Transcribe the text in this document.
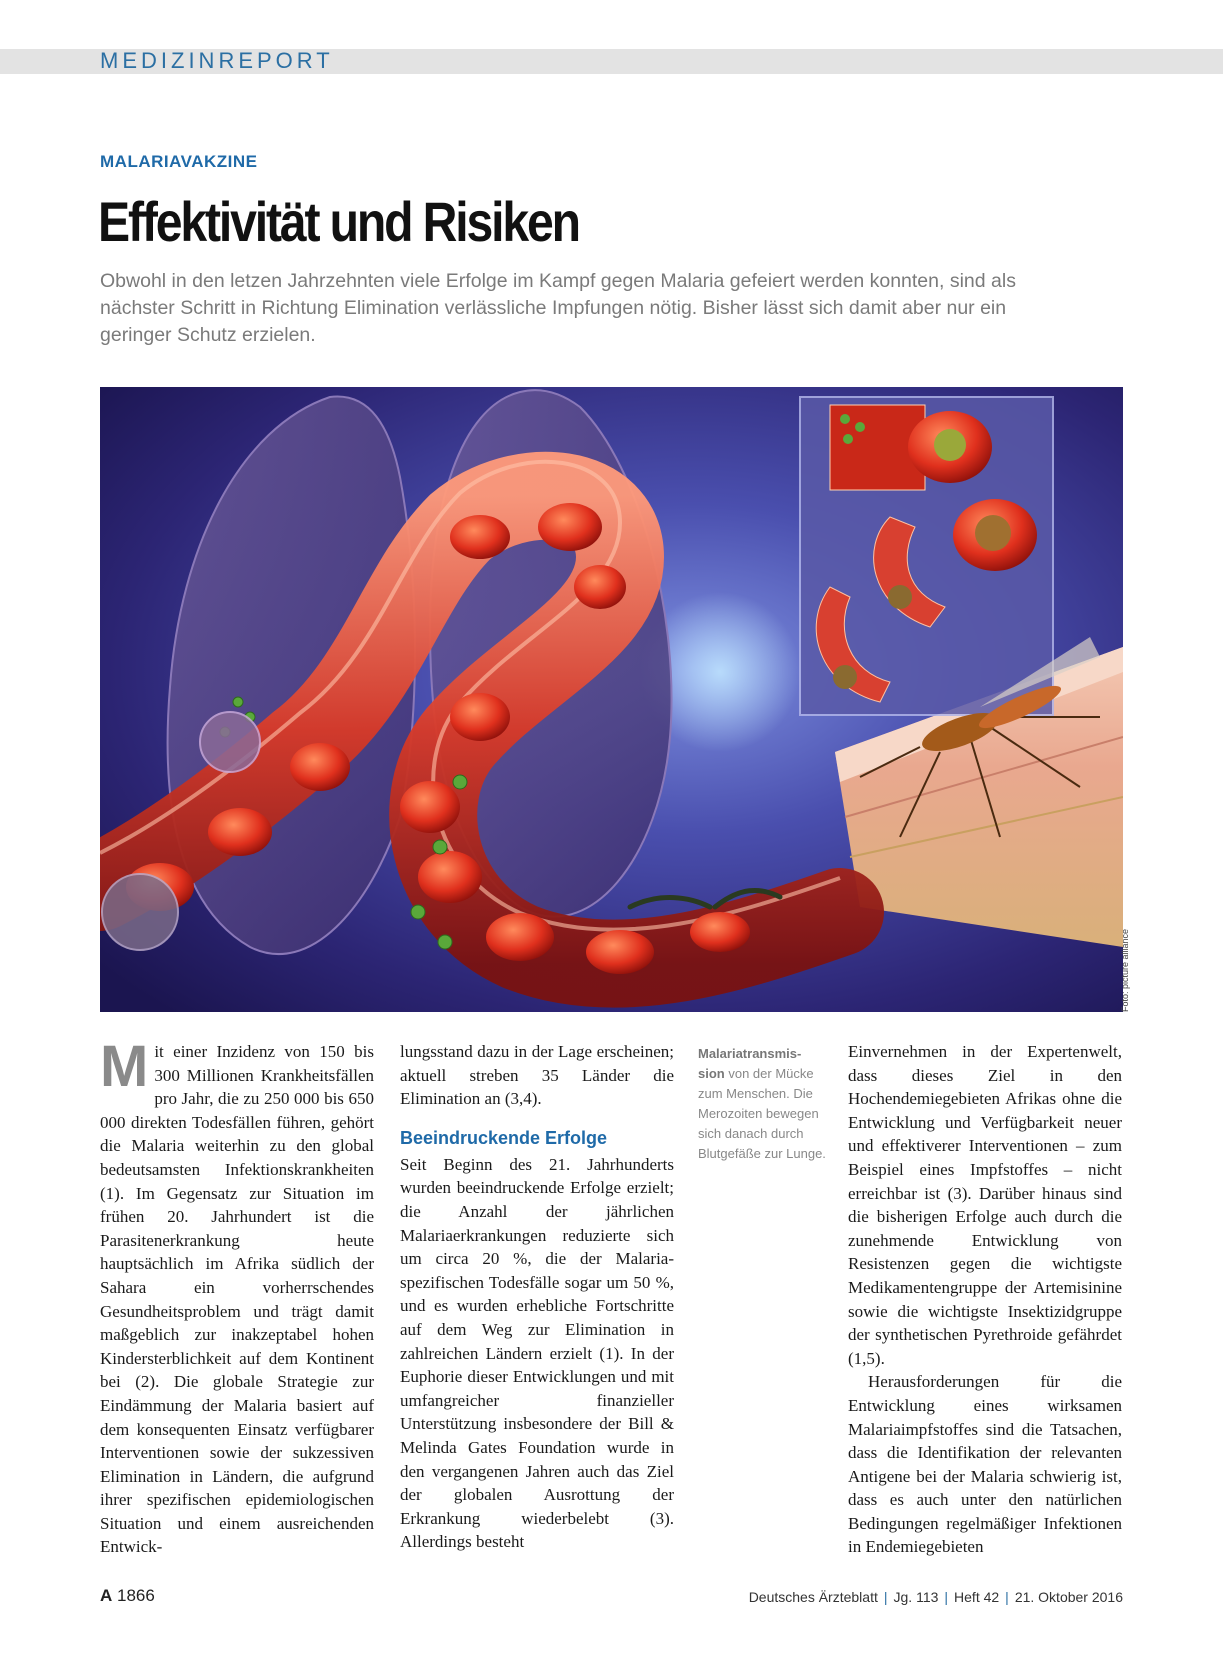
MEDIZINREPORT
MALARIAVAKZINE
Effektivität und Risiken
Obwohl in den letzen Jahrzehnten viele Erfolge im Kampf gegen Malaria gefeiert werden konnten, sind als nächster Schritt in Richtung Elimination verlässliche Impfungen nötig. Bisher lässt sich damit aber nur ein geringer Schutz erzielen.
Foto: picture alliance

Mit einer Inzidenz von 150 bis 300 Millionen Krankheitsfällen pro Jahr, die zu 250 000 bis 650 000 direkten Todesfällen führen, gehört die Malaria weiterhin zu den global bedeutsamsten Infektionskrankheiten (1). Im Gegensatz zur Situation im frühen 20. Jahrhundert ist die Parasitenerkrankung heute hauptsächlich im Afrika südlich der Sahara ein vorherrschendes Gesundheitsproblem und trägt damit maßgeblich zur inakzeptabel hohen Kindersterblichkeit auf dem Kontinent bei (2). Die globale Strategie zur Eindämmung der Malaria basiert auf dem konsequenten Einsatz verfügbarer Interventionen sowie der sukzessiven Elimination in Ländern, die aufgrund ihrer spezifischen epidemiologischen Situation und einem ausreichenden Entwick-

lungsstand dazu in der Lage erscheinen; aktuell streben 35 Länder die Elimination an (3,4).

Beeindruckende Erfolge

Seit Beginn des 21. Jahrhunderts wurden beeindruckende Erfolge erzielt; die Anzahl der jährlichen Malariaerkrankungen reduzierte sich um circa 20 %, die der Malaria-spezifischen Todesfälle sogar um 50 %, und es wurden erhebliche Fortschritte auf dem Weg zur Elimination in zahlreichen Ländern erzielt (1). In der Euphorie dieser Entwicklungen und mit umfangreicher finanzieller Unterstützung insbesondere der Bill & Melinda Gates Foundation wurde in den vergangenen Jahren auch das Ziel der globalen Ausrottung der Erkrankung wiederbelebt (3). Allerdings besteht

Malariatransmis-sion von der Mücke zum Menschen. Die Merozoiten bewegen sich danach durch Blutgefäße zur Lunge.

Einvernehmen in der Expertenwelt, dass dieses Ziel in den Hochendemiegebieten Afrikas ohne die Entwicklung und Verfügbarkeit neuer und effektiverer Interventionen – zum Beispiel eines Impfstoffes – nicht erreichbar ist (3). Darüber hinaus sind die bisherigen Erfolge auch durch die zunehmende Entwicklung von Resistenzen gegen die wichtigste Medikamentengruppe der Artemisinine sowie die wichtigste Insektizidgruppe der synthetischen Pyrethroide gefährdet (1,5).

Herausforderungen für die Entwicklung eines wirksamen Malariaimpfstoffes sind die Tatsachen, dass die Identifikation der relevanten Antigene bei der Malaria schwierig ist, dass es auch unter den natürlichen Bedingungen regelmäßiger Infektionen in Endemiegebieten

A 1866	Deutsches Ärzteblatt | Jg. 113 | Heft 42 | 21. Oktober 2016
